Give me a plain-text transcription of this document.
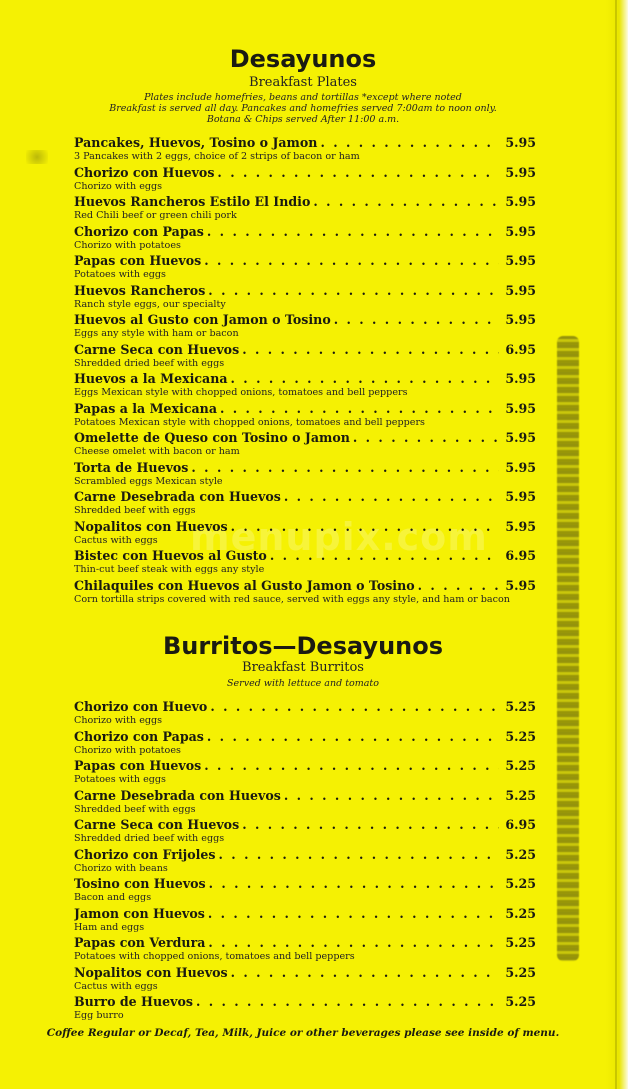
menupix.com
Desayunos
Breakfast Plates
Plates include homefries, beans and tortillas *except where noted
Breakfast is served all day. Pancakes and homefries served 7:00am to noon only.
Botana & Chips served After 11:00 a.m.
Pancakes, Huevos, Tosino o Jamon . . .	5.95
3 Pancakes with 2 eggs, choice of 2 strips of bacon or ham
Chorizo con Huevos . . .	5.95
Chorizo with eggs
Huevos Rancheros Estilo El Indio . . .	5.95
Red Chili beef or green chili pork
Chorizo con Papas . . .	5.95
Chorizo with potatoes
Papas con Huevos . . .	5.95
Potatoes with eggs
Huevos Rancheros . . .	5.95
Ranch style eggs, our specialty
Huevos al Gusto con Jamon o Tosino . . .	5.95
Eggs any style with ham or bacon
Carne Seca con Huevos . . .	6.95
Shredded dried beef with eggs
Huevos a la Mexicana . . .	5.95
Eggs Mexican style with chopped onions, tomatoes and bell peppers
Papas a la Mexicana . . .	5.95
Potatoes Mexican style with chopped onions, tomatoes and bell peppers
Omelette de Queso con Tosino o Jamon . . .	5.95
Cheese omelet with bacon or ham
Torta de Huevos . . .	5.95
Scrambled eggs Mexican style
Carne Desebrada con Huevos . . .	5.95
Shredded beef with eggs
Nopalitos con Huevos . . .	5.95
Cactus with eggs
Bistec con Huevos al Gusto . . .	6.95
Thin-cut beef steak with eggs any style
Chilaquiles con Huevos al Gusto Jamon o Tosino . . .	5.95
Corn tortilla strips covered with red sauce, served with eggs any style, and ham or bacon
Burritos—Desayunos
Breakfast Burritos
Served with lettuce and tomato
Chorizo con Huevo . . .	5.25
Chorizo with eggs
Chorizo con Papas . . .	5.25
Chorizo with potatoes
Papas con Huevos . . .	5.25
Potatoes with eggs
Carne Desebrada con Huevos . . .	5.25
Shredded beef with eggs
Carne Seca con Huevos . . .	6.95
Shredded dried beef with eggs
Chorizo con Frijoles . . .	5.25
Chorizo with beans
Tosino con Huevos . . .	5.25
Bacon and eggs
Jamon con Huevos . . .	5.25
Ham and eggs
Papas con Verdura . . .	5.25
Potatoes with chopped onions, tomatoes and bell peppers
Nopalitos con Huevos . . .	5.25
Cactus with eggs
Burro de Huevos . . .	5.25
Egg burro
Coffee Regular or Decaf, Tea, Milk, Juice or other beverages please see inside of menu.
